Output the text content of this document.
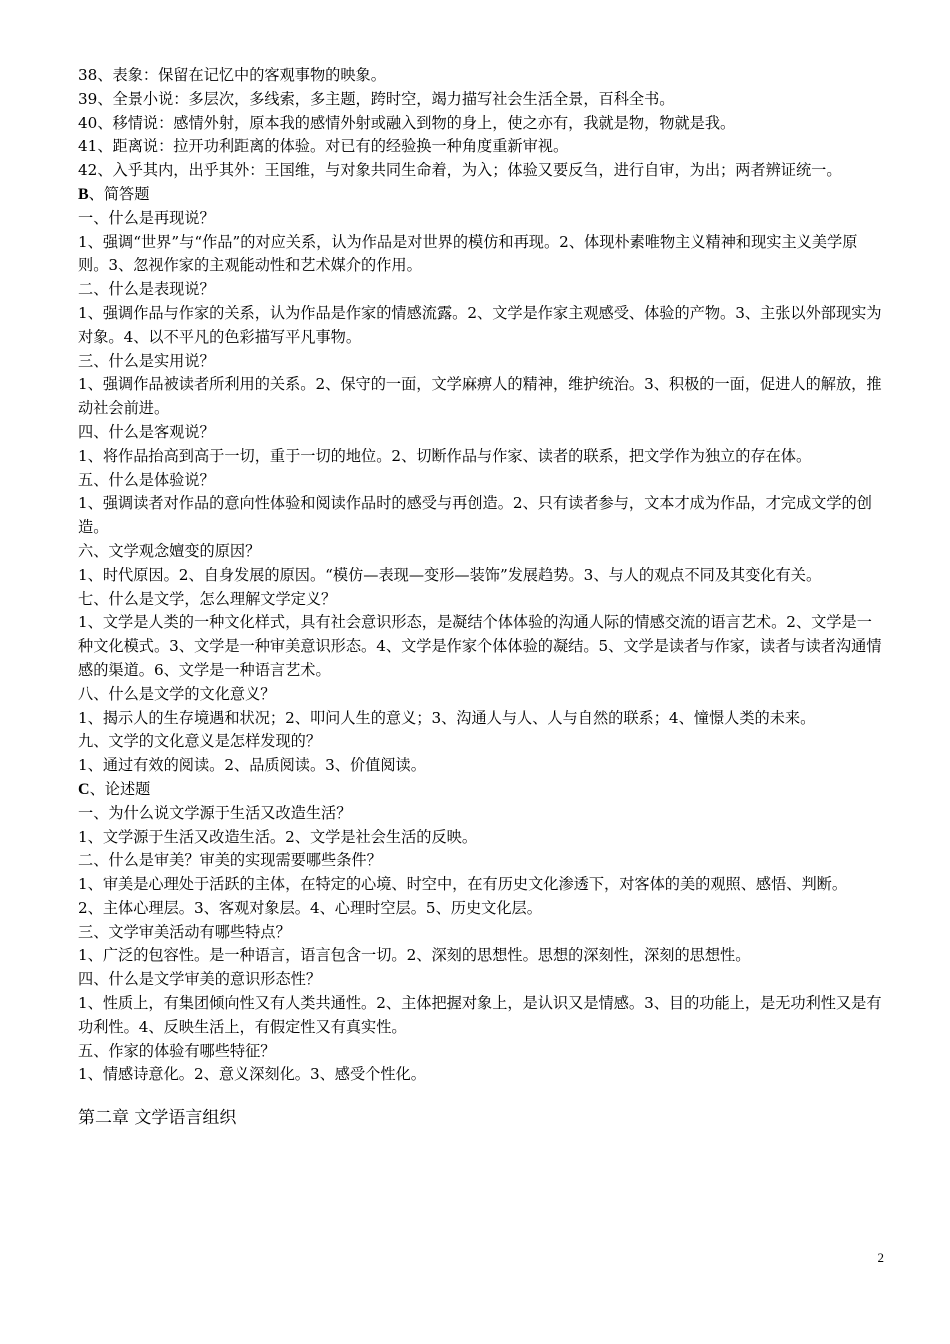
38、表象：保留在记忆中的客观事物的映象。
39、全景小说：多层次，多线索，多主题，跨时空，竭力描写社会生活全景，百科全书。
40、移情说：感情外射，原本我的感情外射或融入到物的身上，使之亦有，我就是物，物就是我。
41、距离说：拉开功利距离的体验。对已有的经验换一种角度重新审视。
42、入乎其内，出乎其外：王国维，与对象共同生命着，为入；体验又要反刍，进行自审，为出；两者辨证统一。
B、简答题
一、什么是再现说？
1、强调“世界”与“作品”的对应关系，认为作品是对世界的模仿和再现。2、体现朴素唯物主义精神和现实主义美学原则。3、忽视作家的主观能动性和艺术媒介的作用。
二、什么是表现说？
1、强调作品与作家的关系，认为作品是作家的情感流露。2、文学是作家主观感受、体验的产物。3、主张以外部现实为对象。4、以不平凡的色彩描写平凡事物。
三、什么是实用说？
1、强调作品被读者所利用的关系。2、保守的一面，文学麻痹人的精神，维护统治。3、积极的一面，促进人的解放，推动社会前进。
四、什么是客观说？
1、将作品抬高到高于一切，重于一切的地位。2、切断作品与作家、读者的联系，把文学作为独立的存在体。
五、什么是体验说？
1、强调读者对作品的意向性体验和阅读作品时的感受与再创造。2、只有读者参与，文本才成为作品，才完成文学的创造。
六、文学观念嬗变的原因？
1、时代原因。2、自身发展的原因。“模仿—表现—变形—装饰”发展趋势。3、与人的观点不同及其变化有关。
七、什么是文学，怎么理解文学定义？
1、文学是人类的一种文化样式，具有社会意识形态，是凝结个体体验的沟通人际的情感交流的语言艺术。2、文学是一种文化模式。3、文学是一种审美意识形态。4、文学是作家个体体验的凝结。5、文学是读者与作家，读者与读者沟通情感的渠道。6、文学是一种语言艺术。
八、什么是文学的文化意义？
1、揭示人的生存境遇和状况；2、叩问人生的意义；3、沟通人与人、人与自然的联系；4、憧憬人类的未来。
九、文学的文化意义是怎样发现的？
1、通过有效的阅读。2、品质阅读。3、价值阅读。
C、论述题
一、为什么说文学源于生活又改造生活？
1、文学源于生活又改造生活。2、文学是社会生活的反映。
二、什么是审美？审美的实现需要哪些条件？
1、审美是心理处于活跃的主体，在特定的心境、时空中，在有历史文化渗透下，对客体的美的观照、感悟、判断。
2、主体心理层。3、客观对象层。4、心理时空层。5、历史文化层。
三、文学审美活动有哪些特点？
1、广泛的包容性。是一种语言，语言包含一切。2、深刻的思想性。思想的深刻性，深刻的思想性。
四、什么是文学审美的意识形态性？
1、性质上，有集团倾向性又有人类共通性。2、主体把握对象上，是认识又是情感。3、目的功能上，是无功利性又是有功利性。4、反映生活上，有假定性又有真实性。
五、作家的体验有哪些特征？
1、情感诗意化。2、意义深刻化。3、感受个性化。
第二章 文学语言组织
2
